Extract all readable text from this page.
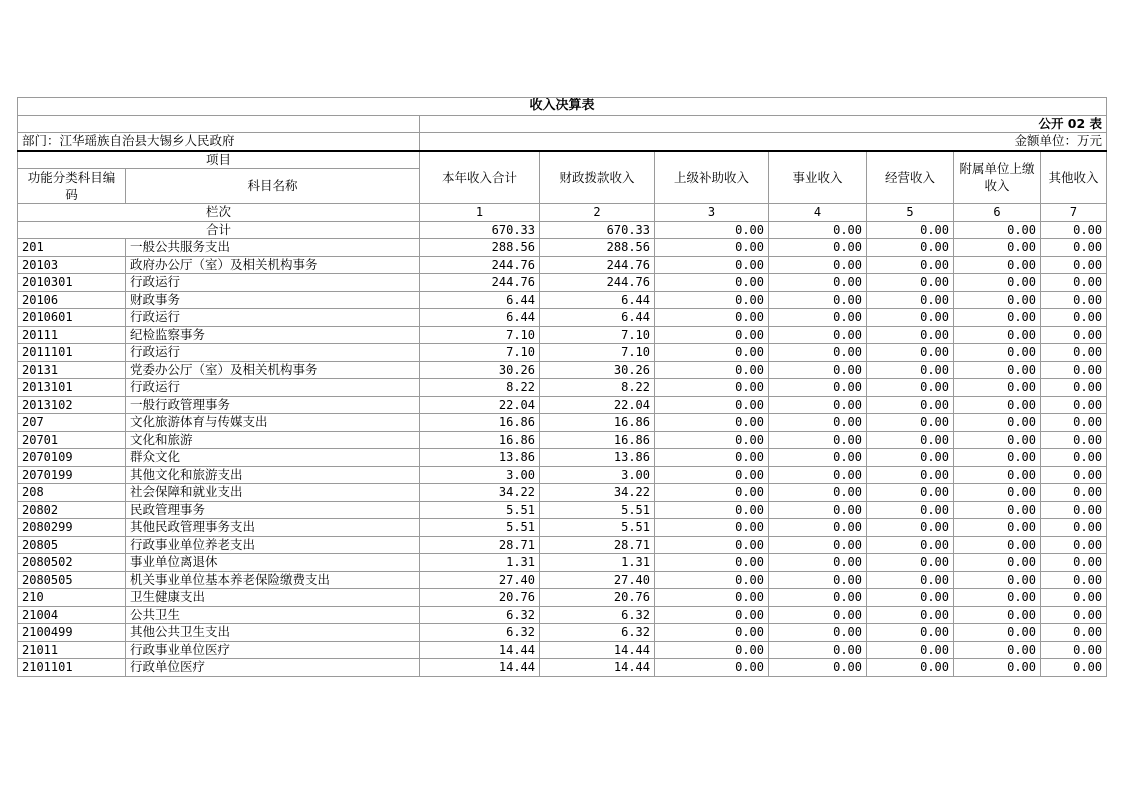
收入决算表								
		公开 02 表						
部门：江华瑶族自治县大锡乡人民政府		金额单位：万元						
项目		本年收入合计	财政拨款收入	上级补助收入	事业收入	经营收入	附属单位上缴收入	其他收入
功能分类科目编码	科目名称							
栏次		1	2	3	4	5	6	7
合计		670.33	670.33	0.00	0.00	0.00	0.00	0.00
201	一般公共服务支出	288.56	288.56	0.00	0.00	0.00	0.00	0.00
20103	政府办公厅（室）及相关机构事务	244.76	244.76	0.00	0.00	0.00	0.00	0.00
2010301	行政运行	244.76	244.76	0.00	0.00	0.00	0.00	0.00
20106	财政事务	6.44	6.44	0.00	0.00	0.00	0.00	0.00
2010601	行政运行	6.44	6.44	0.00	0.00	0.00	0.00	0.00
20111	纪检监察事务	7.10	7.10	0.00	0.00	0.00	0.00	0.00
2011101	行政运行	7.10	7.10	0.00	0.00	0.00	0.00	0.00
20131	党委办公厅（室）及相关机构事务	30.26	30.26	0.00	0.00	0.00	0.00	0.00
2013101	行政运行	8.22	8.22	0.00	0.00	0.00	0.00	0.00
2013102	一般行政管理事务	22.04	22.04	0.00	0.00	0.00	0.00	0.00
207	文化旅游体育与传媒支出	16.86	16.86	0.00	0.00	0.00	0.00	0.00
20701	文化和旅游	16.86	16.86	0.00	0.00	0.00	0.00	0.00
2070109	群众文化	13.86	13.86	0.00	0.00	0.00	0.00	0.00
2070199	其他文化和旅游支出	3.00	3.00	0.00	0.00	0.00	0.00	0.00
208	社会保障和就业支出	34.22	34.22	0.00	0.00	0.00	0.00	0.00
20802	民政管理事务	5.51	5.51	0.00	0.00	0.00	0.00	0.00
2080299	其他民政管理事务支出	5.51	5.51	0.00	0.00	0.00	0.00	0.00
20805	行政事业单位养老支出	28.71	28.71	0.00	0.00	0.00	0.00	0.00
2080502	事业单位离退休	1.31	1.31	0.00	0.00	0.00	0.00	0.00
2080505	机关事业单位基本养老保险缴费支出	27.40	27.40	0.00	0.00	0.00	0.00	0.00
210	卫生健康支出	20.76	20.76	0.00	0.00	0.00	0.00	0.00
21004	公共卫生	6.32	6.32	0.00	0.00	0.00	0.00	0.00
2100499	其他公共卫生支出	6.32	6.32	0.00	0.00	0.00	0.00	0.00
21011	行政事业单位医疗	14.44	14.44	0.00	0.00	0.00	0.00	0.00
2101101	行政单位医疗	14.44	14.44	0.00	0.00	0.00	0.00	0.00
